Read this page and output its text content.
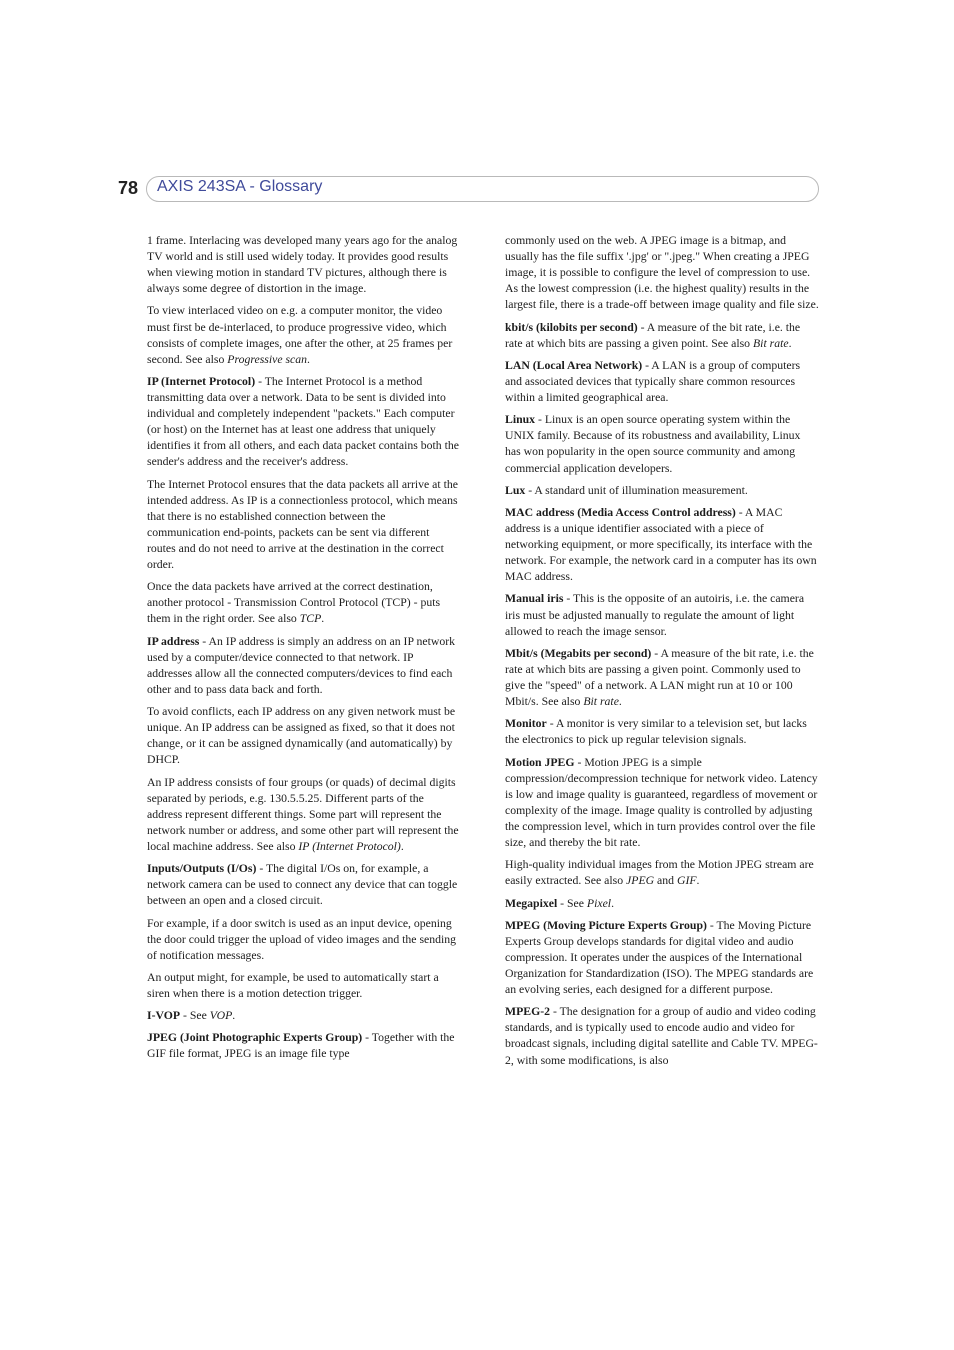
78 AXIS 243SA - Glossary

1 frame. Interlacing was developed many years ago for the analog TV world and is still used widely today. It provides good results when viewing motion in standard TV pictures, although there is always some degree of distortion in the image.

To view interlaced video on e.g. a computer monitor, the video must first be de-interlaced, to produce progressive video, which consists of complete images, one after the other, at 25 frames per second. See also Progressive scan.

IP (Internet Protocol) - The Internet Protocol is a method transmitting data over a network. Data to be sent is divided into individual and completely independent "packets." Each computer (or host) on the Internet has at least one address that uniquely identifies it from all others, and each data packet contains both the sender's address and the receiver's address.

The Internet Protocol ensures that the data packets all arrive at the intended address. As IP is a connectionless protocol, which means that there is no established connection between the communication end-points, packets can be sent via different routes and do not need to arrive at the destination in the correct order.

Once the data packets have arrived at the correct destination, another protocol - Transmission Control Protocol (TCP) - puts them in the right order. See also TCP.

IP address - An IP address is simply an address on an IP network used by a computer/device connected to that network. IP addresses allow all the connected computers/devices to find each other and to pass data back and forth.

To avoid conflicts, each IP address on any given network must be unique. An IP address can be assigned as fixed, so that it does not change, or it can be assigned dynamically (and automatically) by DHCP.

An IP address consists of four groups (or quads) of decimal digits separated by periods, e.g. 130.5.5.25. Different parts of the address represent different things. Some part will represent the network number or address, and some other part will represent the local machine address. See also IP (Internet Protocol).

Inputs/Outputs (I/Os) - The digital I/Os on, for example, a network camera can be used to connect any device that can toggle between an open and a closed circuit.

For example, if a door switch is used as an input device, opening the door could trigger the upload of video images and the sending of notification messages.

An output might, for example, be used to automatically start a siren when there is a motion detection trigger.

I-VOP - See VOP.

JPEG (Joint Photographic Experts Group) - Together with the GIF file format, JPEG is an image file type

commonly used on the web. A JPEG image is a bitmap, and usually has the file suffix '.jpg' or ".jpeg." When creating a JPEG image, it is possible to configure the level of compression to use. As the lowest compression (i.e. the highest quality) results in the largest file, there is a trade-off between image quality and file size.

kbit/s (kilobits per second) - A measure of the bit rate, i.e. the rate at which bits are passing a given point. See also Bit rate.

LAN (Local Area Network) - A LAN is a group of computers and associated devices that typically share common resources within a limited geographical area.

Linux - Linux is an open source operating system within the UNIX family. Because of its robustness and availability, Linux has won popularity in the open source community and among commercial application developers.

Lux - A standard unit of illumination measurement.

MAC address (Media Access Control address) - A MAC address is a unique identifier associated with a piece of networking equipment, or more specifically, its interface with the network. For example, the network card in a computer has its own MAC address.

Manual iris - This is the opposite of an autoiris, i.e. the camera iris must be adjusted manually to regulate the amount of light allowed to reach the image sensor.

Mbit/s (Megabits per second) - A measure of the bit rate, i.e. the rate at which bits are passing a given point. Commonly used to give the "speed" of a network. A LAN might run at 10 or 100 Mbit/s. See also Bit rate.

Monitor - A monitor is very similar to a television set, but lacks the electronics to pick up regular television signals.

Motion JPEG - Motion JPEG is a simple compression/decompression technique for network video. Latency is low and image quality is guaranteed, regardless of movement or complexity of the image. Image quality is controlled by adjusting the compression level, which in turn provides control over the file size, and thereby the bit rate.

High-quality individual images from the Motion JPEG stream are easily extracted. See also JPEG and GIF.

Megapixel - See Pixel.

MPEG (Moving Picture Experts Group) - The Moving Picture Experts Group develops standards for digital video and audio compression. It operates under the auspices of the International Organization for Standardization (ISO). The MPEG standards are an evolving series, each designed for a different purpose.

MPEG-2 - The designation for a group of audio and video coding standards, and is typically used to encode audio and video for broadcast signals, including digital satellite and Cable TV. MPEG-2, with some modifications, is also
